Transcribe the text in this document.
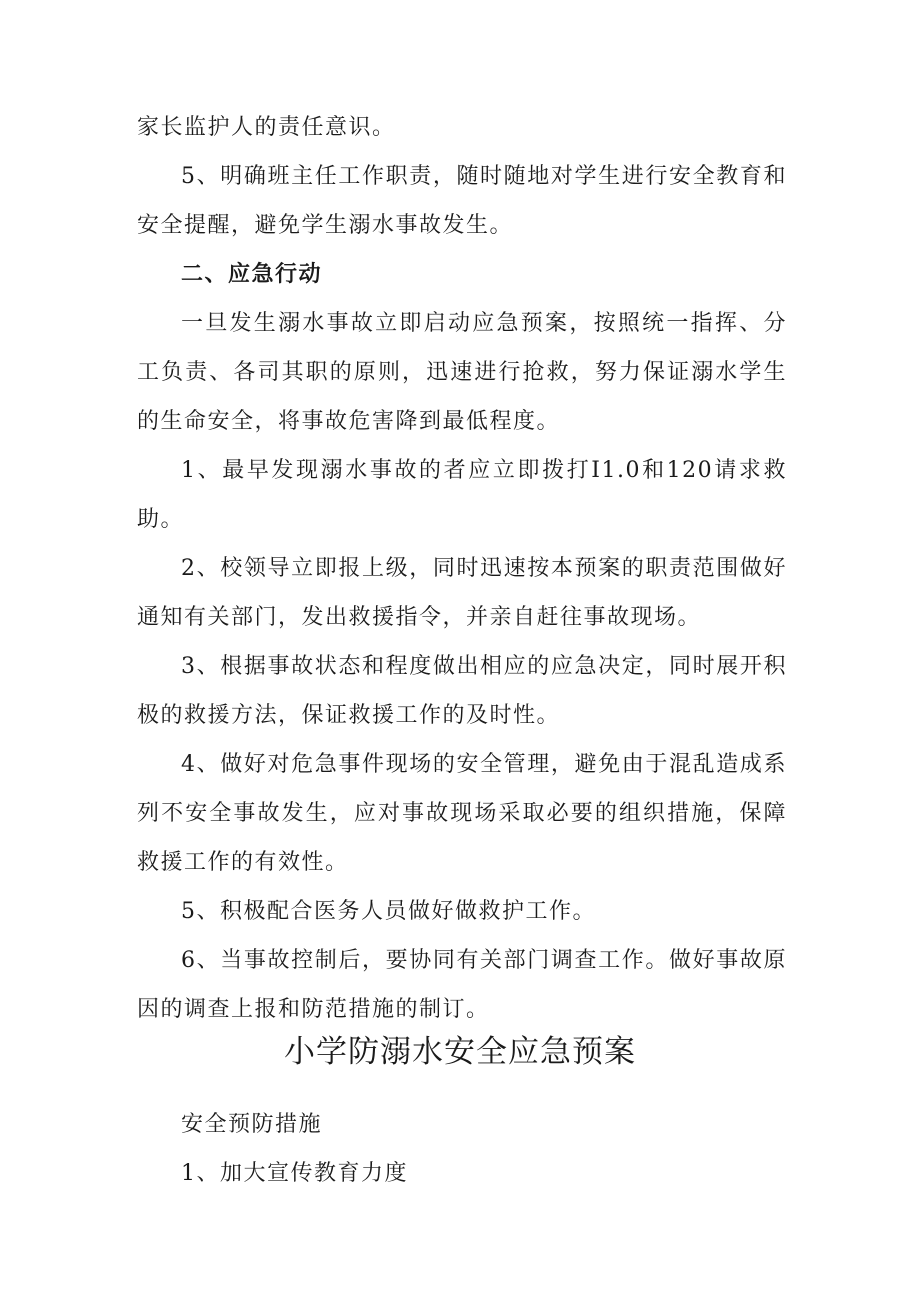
家长监护人的责任意识。

5、明确班主任工作职责，随时随地对学生进行安全教育和安全提醒，避免学生溺水事故发生。

二、应急行动

一旦发生溺水事故立即启动应急预案，按照统一指挥、分工负责、各司其职的原则，迅速进行抢救，努力保证溺水学生的生命安全，将事故危害降到最低程度。

1、最早发现溺水事故的者应立即拨打I1.0和120请求救助。

2、校领导立即报上级，同时迅速按本预案的职责范围做好通知有关部门，发出救援指令，并亲自赶往事故现场。

3、根据事故状态和程度做出相应的应急决定，同时展开积极的救援方法，保证救援工作的及时性。

4、做好对危急事件现场的安全管理，避免由于混乱造成系列不安全事故发生，应对事故现场采取必要的组织措施，保障救援工作的有效性。

5、积极配合医务人员做好做救护工作。

6、当事故控制后，要协同有关部门调查工作。做好事故原因的调查上报和防范措施的制订。

小学防溺水安全应急预案

安全预防措施

1、加大宣传教育力度
